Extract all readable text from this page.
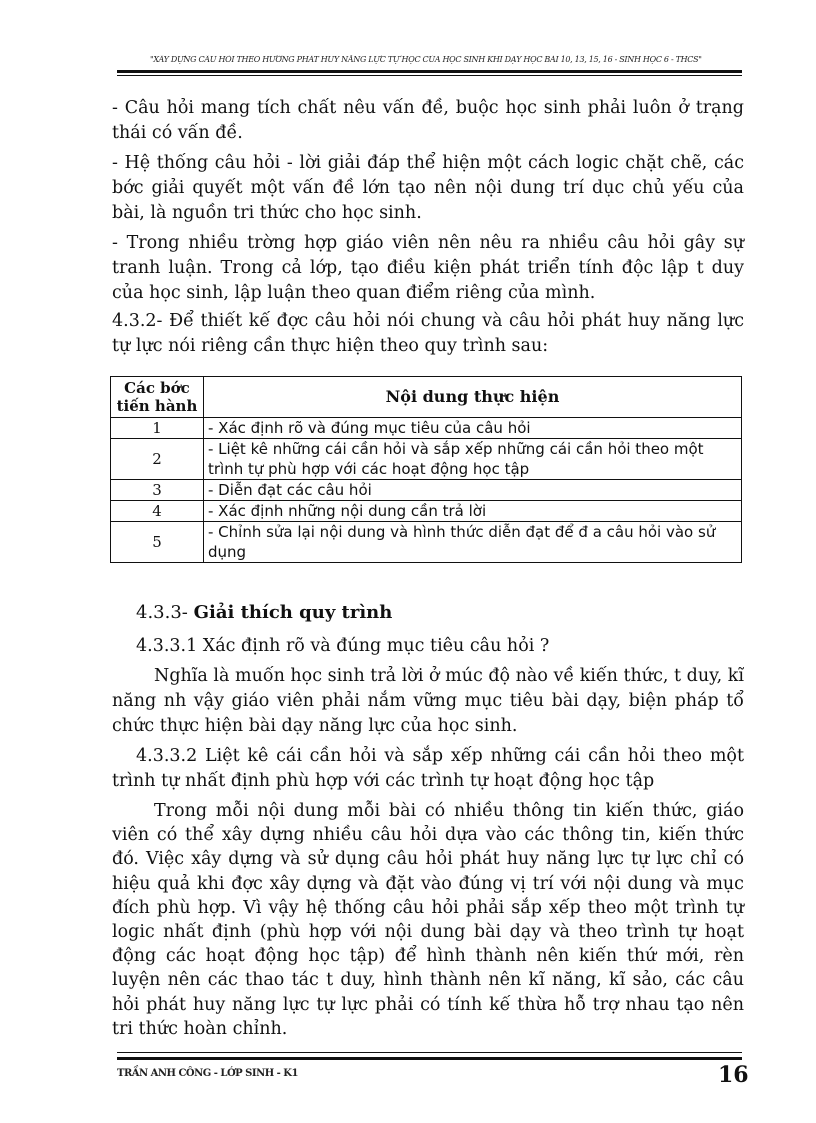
"XÂY DỰNG CÂU HỎI THEO HƯỚNG PHÁT HUY NĂNG LỰC TỰ HỌC CỦA HỌC SINH KHI DẠY HỌC BÀI 10, 13, 15, 16 - SINH HỌC 6 - THCS"

- Câu hỏi mang tích chất nêu vấn đề, buộc học sinh phải luôn ở trạng thái có vấn đề.

- Hệ thống câu hỏi - lời giải đáp thể hiện một cách logic chặt chẽ, các bớc giải quyết một vấn đề lớn tạo nên nội dung trí dục chủ yếu của bài, là nguồn tri thức cho học sinh.

- Trong nhiều trờng hợp giáo viên nên nêu ra nhiều câu hỏi gây sự tranh luận. Trong cả lớp, tạo điều kiện phát triển tính độc lập t duy của học sinh, lập luận theo quan điểm riêng của mình.

4.3.2- Để thiết kế đợc câu hỏi nói chung và câu hỏi phát huy năng lực tự lực nói riêng cần thực hiện theo quy trình sau:

Các bớc tiến hành	Nội dung thực hiện
1	- Xác định rõ và đúng mục tiêu của câu hỏi
2	- Liệt kê những cái cần hỏi và sắp xếp những cái cần hỏi theo một trình tự phù hợp với các hoạt động học tập
3	- Diễn đạt các câu hỏi
4	- Xác định những nội dung cần trả lời
5	- Chỉnh sửa lại nội dung và hình thức diễn đạt để đ a câu hỏi vào sử dụng
4.3.3- Giải thích quy trình

4.3.3.1 Xác định rõ và đúng mục tiêu câu hỏi ?

Nghĩa là muốn học sinh trả lời ở múc độ nào về kiến thức, t duy, kĩ năng nh vậy giáo viên phải nắm vững mục tiêu bài dạy, biện pháp tổ chức thực hiện bài dạy năng lực của học sinh.

4.3.3.2 Liệt kê cái cần hỏi và sắp xếp những cái cần hỏi theo một trình tự nhất định phù hợp với các trình tự hoạt động học tập

Trong mỗi nội dung mỗi bài có nhiều thông tin kiến thức, giáo viên có thể xây dựng nhiều câu hỏi dựa vào các thông tin, kiến thức đó. Việc xây dựng và sử dụng câu hỏi phát huy năng lực tự lực chỉ có hiệu quả khi đợc xây dựng và đặt vào đúng vị trí với nội dung và mục đích phù hợp. Vì vậy hệ thống câu hỏi phải sắp xếp theo một trình tự logic nhất định (phù hợp với nội dung bài dạy và theo trình tự hoạt động các hoạt động học tập) để hình thành nên kiến thứ mới, rèn luyện nên các thao tác t duy, hình thành nên kĩ năng, kĩ sảo, các câu hỏi phát huy năng lực tự lực phải có tính kế thừa hỗ trợ nhau tạo nên tri thức hoàn chỉnh.

TRẦN ANH CÔNG - LỚP SINH - K1	16
